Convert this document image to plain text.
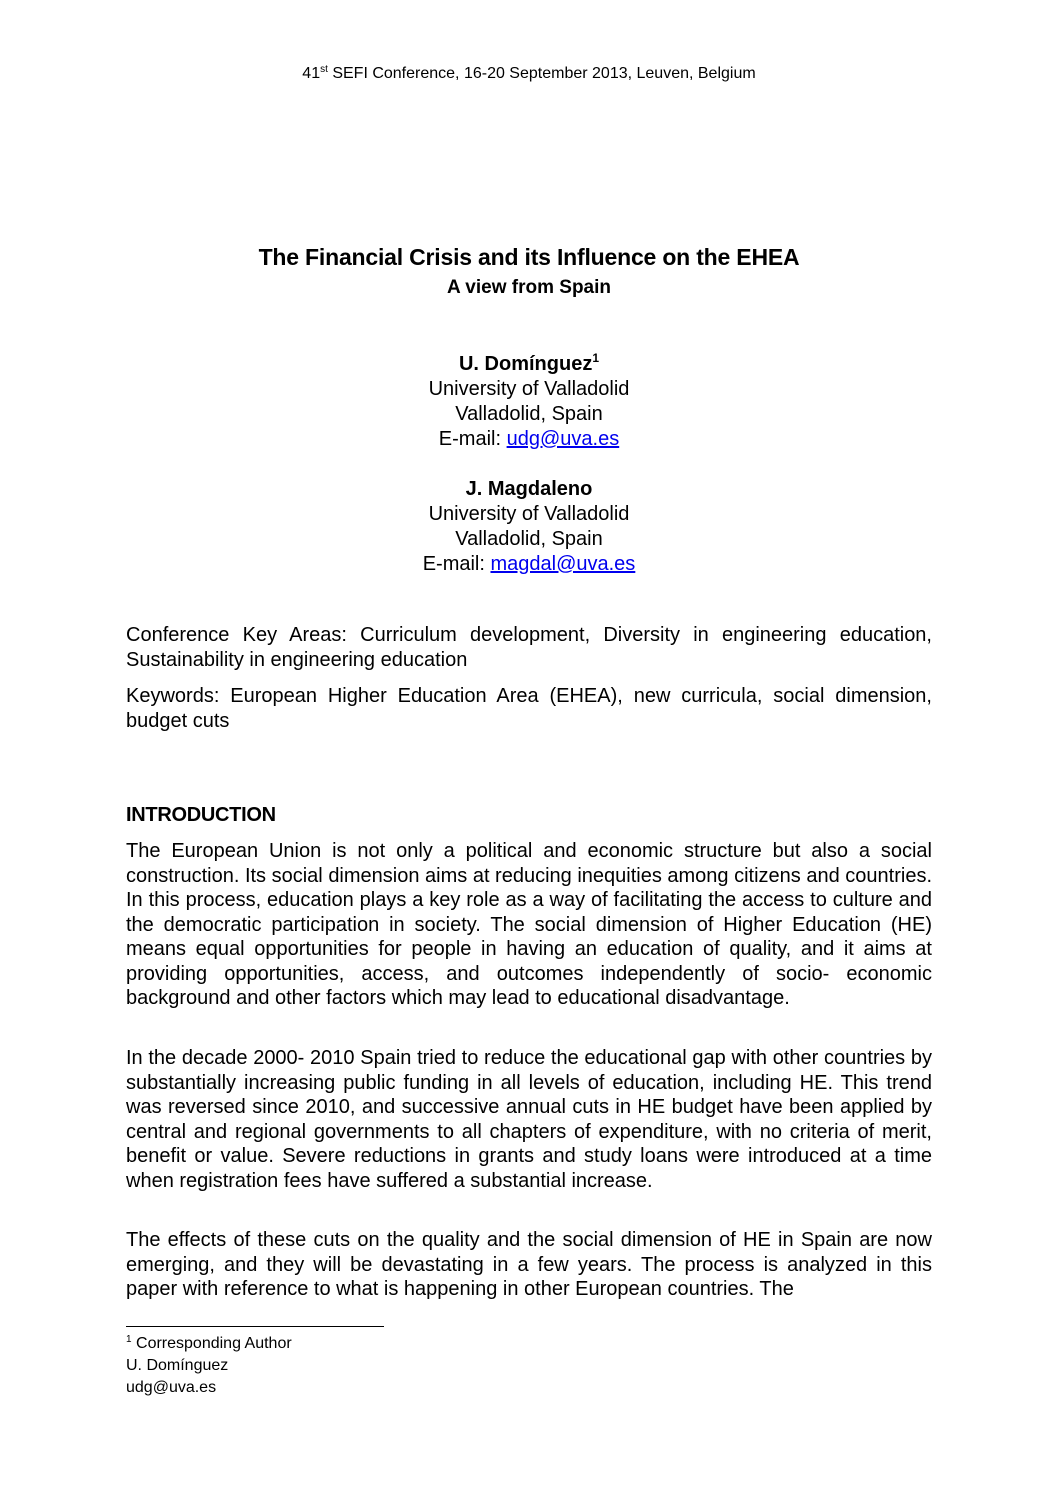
41st SEFI Conference, 16-20 September 2013, Leuven, Belgium
The Financial Crisis and its Influence on the EHEA
A view from Spain
U. Domínguez$^1$
University of Valladolid
Valladolid, Spain
E-mail: udg@uva.es
J. Magdaleno
University of Valladolid
Valladolid, Spain
E-mail: magdal@uva.es

Conference Key Areas: Curriculum development, Diversity in engineering education, Sustainability in engineering education

Keywords: European Higher Education Area (EHEA), new curricula, social dimension, budget cuts

INTRODUCTION

The European Union is not only a political and economic structure but also a social construction. Its social dimension aims at reducing inequities among citizens and countries. In this process, education plays a key role as a way of facilitating the access to culture and the democratic participation in society. The social dimension of Higher Education (HE) means equal opportunities for people in having an education of quality, and it aims at providing opportunities, access, and outcomes independently of socio- economic background and other factors which may lead to educational disadvantage.

In the decade 2000- 2010 Spain tried to reduce the educational gap with other countries by substantially increasing public funding in all levels of education, including HE. This trend was reversed since 2010, and successive annual cuts in HE budget have been applied by central and regional governments to all chapters of expenditure, with no criteria of merit, benefit or value. Severe reductions in grants and study loans were introduced at a time when registration fees have suffered a substantial increase.

The effects of these cuts on the quality and the social dimension of HE in Spain are now emerging, and they will be devastating in a few years. The process is analyzed in this paper with reference to what is happening in other European countries. The

$^1$ Corresponding Author
U. Domínguez
udg@uva.es
